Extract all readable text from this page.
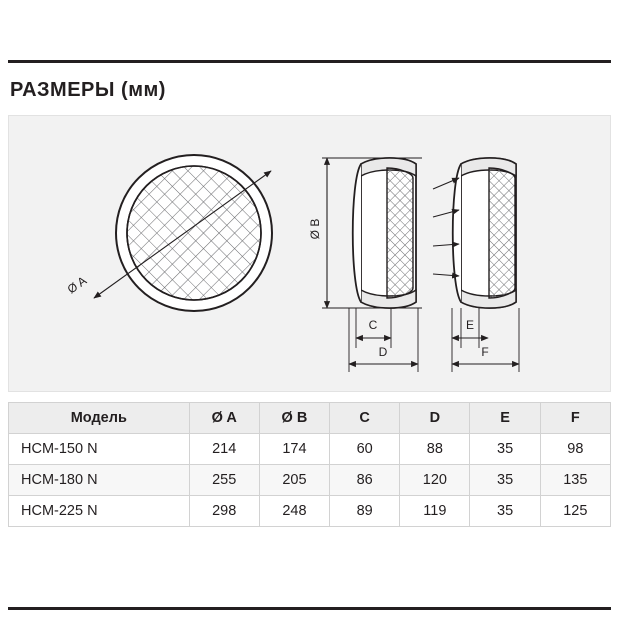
РАЗМЕРЫ (мм)
Ø A
Ø B
C
D
E
F
Модель	Ø A	Ø B	C	D	E	F
HCM-150 N	214	174	60	88	35	98
HCM-180 N	255	205	86	120	35	135
HCM-225 N	298	248	89	119	35	125
